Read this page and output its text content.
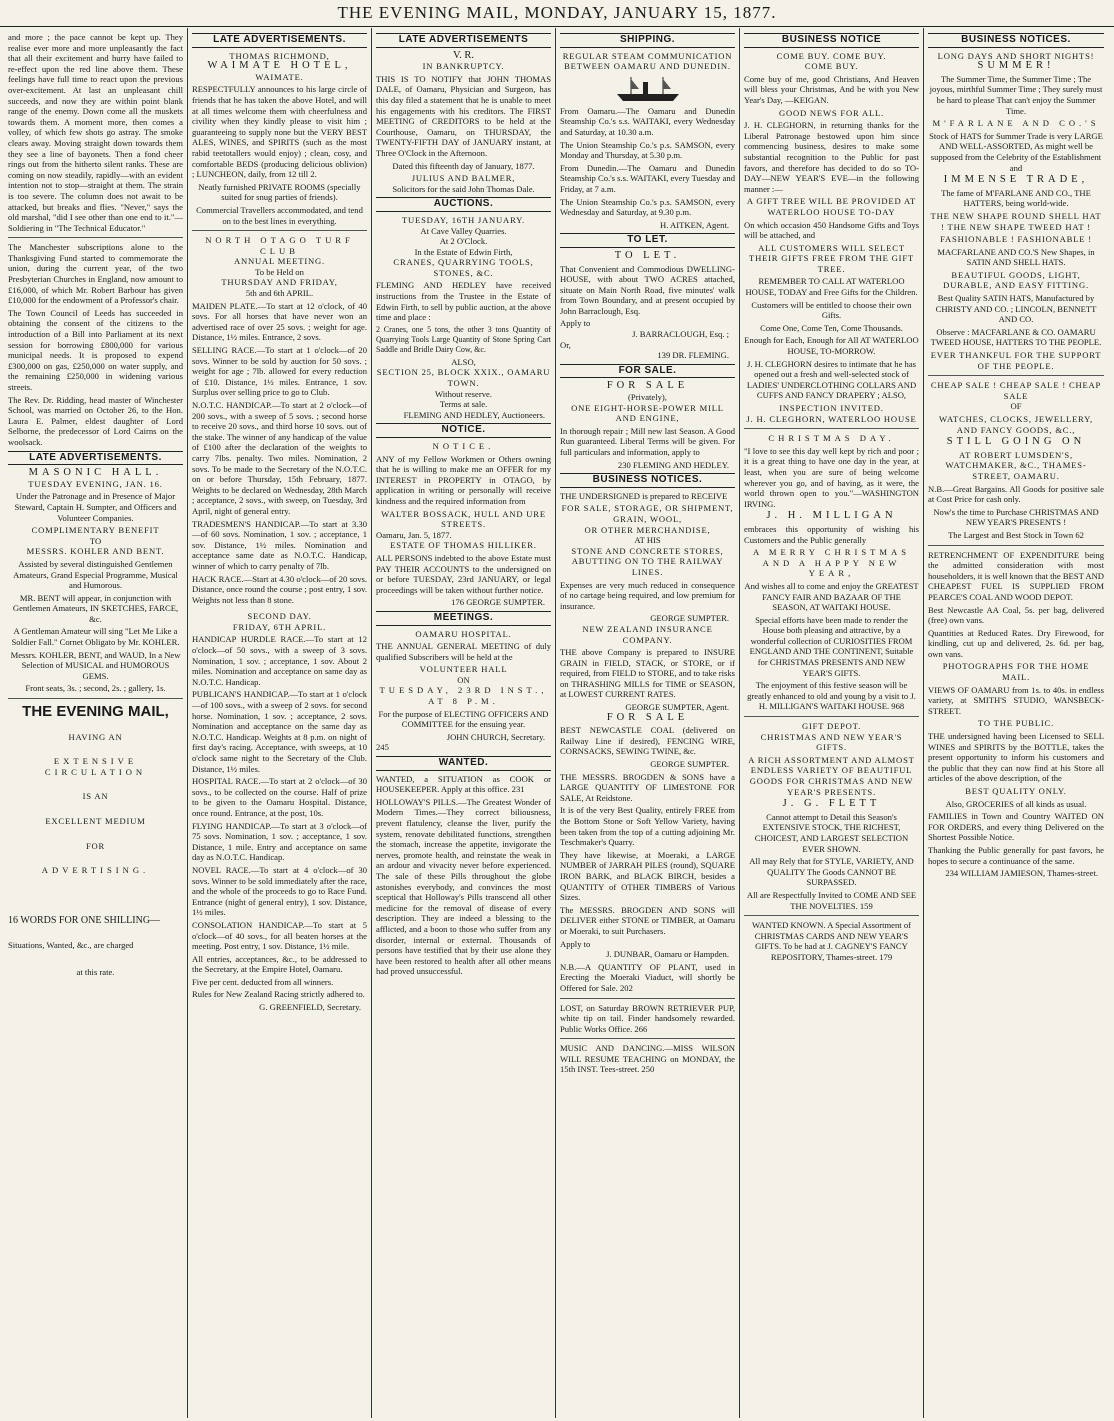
THE EVENING MAIL, MONDAY, JANUARY 15, 1877.

and more ; the pace cannot be kept up. They realise ever more and more unpleasantly the fact that all their excitement and hurry have failed to re-effect upon the red line above them. These feelings have full time to react upon the previous over-excitement. At last an unpleasant chill succeeds, and now they are within point blank range of the enemy. Down come all the muskets towards them. A moment more, then comes a volley, of which few shots go astray. The smoke clears away. Moving straight down towards them they see a line of bayonets. Then a fond cheer rings out from the hitherto silent ranks. These are coming on now steadily, rapidly—with an evident intention not to stop—straight at them. The strain is too severe. The column does not await to be attacked, but breaks and flies. "Never," says the old marshal, "did I see other than one end to it."—Soldiering in "The Technical Educator."

The Manchester subscriptions alone to the Thanksgiving Fund started to commemorate the union, during the current year, of the two Presbyterian Churches in England, now amount to £16,000, of which Mr. Robert Barbour has given £10,000 for the endowment of a Professor's chair.

The Town Council of Leeds has succeeded in obtaining the consent of the citizens to the introduction of a Bill into Parliament at its next session for borrowing £800,000 for various municipal needs. It is proposed to expend £300,000 on gas, £250,000 on water supply, and the remaining £250,000 in widening various streets.

The Rev. Dr. Ridding, head master of Winchester School, was married on October 26, to the Hon. Laura E. Palmer, eldest daughter of Lord Selborne, the predecessor of Lord Cairns on the woolsack.

LATE ADVERTISEMENTS.
MASONIC HALL.
TUESDAY EVENING, JAN. 16.

Under the Patronage and in Presence of Major Steward, Captain H. Sumpter, and Officers and Volunteer Companies.

COMPLIMENTARY BENEFIT
TO
MESSRS. KOHLER AND BENT.

Assisted by several distinguished Gentlemen Amateurs, Grand Especial Programme, Musical and Humorous.

MR. BENT will appear, in conjunction with Gentlemen Amateurs, IN SKETCHES, FARCE, &c.

A Gentleman Amateur will sing "Let Me Like a Soldier Fall." Cornet Obligato by Mr. KOHLER.

Messrs. KOHLER, BENT, and WAUD, In a New Selection of MUSICAL and HUMOROUS GEMS.

Front seats, 3s. ; second, 2s. ; gallery, 1s.

THE EVENING MAIL,
HAVING AN
EXTENSIVE CIRCULATION
IS AN
EXCELLENT MEDIUM
FOR
ADVERTISING.
16 WORDS FOR ONE SHILLING—
Situations, Wanted, &c., are charged
at this rate.
LATE ADVERTISEMENTS.
THOMAS RICHMOND,
WAIMATE HOTEL,
WAIMATE.

RESPECTFULLY announces to his large circle of friends that he has taken the above Hotel, and will at all times welcome them with cheerfulness and civility when they kindly please to visit him ; guaranteeing to supply none but the VERY BEST ALES, WINES, and SPIRITS (such as the most rabid teetotallers would enjoy) ; clean, cosy, and comfortable BEDS (producing delicious oblivion) ; LUNCHEON, daily, from 12 till 2.

Neatly furnished PRIVATE ROOMS (specially suited for snug parties of friends).

Commercial Travellers accommodated, and tend on to the best lines in everything.

NORTH OTAGO TURF CLUB
ANNUAL MEETING.
To be Held on
THURSDAY AND FRIDAY,
5th and 6th APRIL.

MAIDEN PLATE.—To start at 12 o'clock, of 40 sovs. For all horses that have never won an advertised race of over 25 sovs. ; weight for age. Distance, 1½ miles. Entrance, 2 sovs.

SELLING RACE.—To start at 1 o'clock—of 20 sovs. Winner to be sold by auction for 50 sovs. ; weight for age ; 7lb. allowed for every reduction of £10. Distance, 1½ miles. Entrance, 1 sov. Surplus over selling price to go to Club.

N.O.T.C. HANDICAP.—To start at 2 o'clock—of 200 sovs., with a sweep of 5 sovs. ; second horse to receive 20 sovs., and third horse 10 sovs. out of the stake. The winner of any handicap of the value of £100 after the declaration of the weights to carry 7lbs. penalty. Two miles. Nomination, 2 sovs. To be made to the Secretary of the N.O.T.C. on or before Thursday, 15th February, 1877. Weights to be declared on Wednesday, 28th March ; acceptance, 2 sovs., with sweep, on Tuesday, 3rd April, night of general entry.

TRADESMEN'S HANDICAP.—To start at 3.30—of 60 sovs. Nomination, 1 sov. ; acceptance, 1 sov. Distance, 1½ miles. Nomination and acceptance same date as N.O.T.C. Handicap, winner of which to carry penalty of 7lb.

HACK RACE.—Start at 4.30 o'clock—of 20 sovs. Distance, once round the course ; post entry, 1 sov. Weights not less than 8 stone.

SECOND DAY.
FRIDAY, 6TH APRIL.

HANDICAP HURDLE RACE.—To start at 12 o'clock—of 50 sovs., with a sweep of 3 sovs. Nomination, 1 sov. ; acceptance, 1 sov. About 2 miles. Nomination and acceptance on same day as N.O.T.C. Handicap.

PUBLICAN'S HANDICAP.—To start at 1 o'clock —of 100 sovs., with a sweep of 2 sovs. for second horse. Nomination, 1 sov. ; acceptance, 2 sovs. Nomination and acceptance on the same day as N.O.T.C. Handicap. Weights at 8 p.m. on night of first day's racing. Acceptance, with sweeps, at 10 o'clock same night to the Secretary of the Club. Distance, 1½ miles.

HOSPITAL RACE.—To start at 2 o'clock—of 30 sovs., to be collected on the course. Half of prize to be given to the Oamaru Hospital. Distance, once round. Entrance, at the post, 10s.

FLYING HANDICAP.—To start at 3 o'clock—of 75 sovs. Nomination, 1 sov. ; acceptance, 1 sov. Distance, 1 mile. Entry and acceptance on same day as N.O.T.C. Handicap.

NOVEL RACE.—To start at 4 o'clock—of 30 sovs. Winner to be sold immediately after the race, and the whole of the proceeds to go to Race Fund. Entrance (night of general entry), 1 sov. Distance, 1½ miles.

CONSOLATION HANDICAP.—To start at 5 o'clock—of 40 sovs., for all beaten horses at the meeting. Post entry, 1 sov. Distance, 1½ mile.

All entries, acceptances, &c., to be addressed to the Secretary, at the Empire Hotel, Oamaru.

Five per cent. deducted from all winners.

Rules for New Zealand Racing strictly adhered to.

G. GREENFIELD, Secretary.
LATE ADVERTISEMENTS
V. R.
IN BANKRUPTCY.

THIS IS TO NOTIFY that JOHN THOMAS DALE, of Oamaru, Physician and Surgeon, has this day filed a statement that he is unable to meet his engagements with his creditors. The FIRST MEETING of CREDITORS to be held at the Courthouse, Oamaru, on THURSDAY, the TWENTY-FIFTH DAY of JANUARY instant, at Three O'Clock in the Afternoon.

Dated this fifteenth day of January, 1877.

JULIUS AND BALMER,
Solicitors for the said John Thomas Dale.
AUCTIONS.
TUESDAY, 16TH JANUARY.
At Cave Valley Quarries.
At 2 O'Clock.
In the Estate of Edwin Firth,
CRANES, QUARRYING TOOLS, STONES, &C.

FLEMING AND HEDLEY have received instructions from the Trustee in the Estate of Edwin Firth, to sell by public auction, at the above time and place :

2 Cranes, one 5 tons, the other 3 tons Quantity of Quarrying Tools Large Quantity of Stone Spring Cart Saddle and Bridle Dairy Cow, &c.

ALSO,
SECTION 25, BLOCK XXIX., OAMARU TOWN.
Without reserve.
Terms at sale.
FLEMING AND HEDLEY, Auctioneers.
NOTICE.
NOTICE.

ANY of my Fellow Workmen or Others owning that he is willing to make me an OFFER for my INTEREST in PROPERTY in OTAGO, by application in writing or personally will receive kindness and the required information from

WALTER BOSSACK, HULL AND URE STREETS.
Oamaru, Jan. 5, 1877.
ESTATE OF THOMAS HILLIKER.

ALL PERSONS indebted to the above Estate must PAY THEIR ACCOUNTS to the undersigned on or before TUESDAY, 23rd JANUARY, or legal proceedings will be taken without further notice.

176 GEORGE SUMPTER.
MEETINGS.
OAMARU HOSPITAL.

THE ANNUAL GENERAL MEETING of duly qualified Subscribers will be held at the

VOLUNTEER HALL
ON
TUESDAY, 23RD INST., AT 8 P.M.

For the purpose of ELECTING OFFICERS AND COMMITTEE for the ensuing year.

JOHN CHURCH, Secretary.
245
WANTED.

WANTED, a SITUATION as COOK or HOUSEKEEPER. Apply at this office. 231

HOLLOWAY'S PILLS.—The Greatest Wonder of Modern Times.—They correct biliousness, prevent flatulency, cleanse the liver, purify the system, renovate debilitated functions, strengthen the stomach, increase the appetite, invigorate the nerves, promote health, and reinstate the weak in an ardour and vivacity never before experienced. The sale of these Pills throughout the globe astonishes everybody, and convinces the most sceptical that Holloway's Pills transcend all other medicine for the removal of disease of every description. They are indeed a blessing to the afflicted, and a boon to those who suffer from any disorder, internal or external. Thousands of persons have testified that by their use alone they have been restored to health after all other means had proved unsuccessful.

SHIPPING.
REGULAR STEAM COMMUNICATION BETWEEN OAMARU AND DUNEDIN.

From Oamaru.—The Oamaru and Dunedin Steamship Co.'s s.s. WAITAKI, every Wednesday and Saturday, at 10.30 a.m.

The Union Steamship Co.'s p.s. SAMSON, every Monday and Thursday, at 5.30 p.m.

From Dunedin.—The Oamaru and Dunedin Steamship Co.'s s.s. WAITAKI, every Tuesday and Friday, at 7 a.m.

The Union Steamship Co.'s p.s. SAMSON, every Wednesday and Saturday, at 9.30 p.m.

H. AITKEN, Agent.
TO LET.
TO LET.

That Convenient and Commodious DWELLING-HOUSE, with about TWO ACRES attached, situate on Main North Road, five minutes' walk from Town Boundary, and at present occupied by John Barraclough, Esq.

Apply to
J. BARRACLOUGH, Esq. ;
Or,
139 DR. FLEMING.
FOR SALE.
FOR SALE
(Privately),
ONE EIGHT-HORSE-POWER MILL AND ENGINE,

In thorough repair ; Mill new last Season. A Good Run guaranteed. Liberal Terms will be given. For full particulars and information, apply to

230 FLEMING AND HEDLEY.
BUSINESS NOTICES.

THE UNDERSIGNED is prepared to RECEIVE

FOR SALE, STORAGE, OR SHIPMENT, GRAIN, WOOL,
OR OTHER MERCHANDISE,
AT HIS
STONE AND CONCRETE STORES, ABUTTING ON TO THE RAILWAY LINES.

Expenses are very much reduced in consequence of no cartage being required, and low premium for insurance.

GEORGE SUMPTER.
NEW ZEALAND INSURANCE COMPANY.

THE above Company is prepared to INSURE GRAIN in FIELD, STACK, or STORE, or if required, from FIELD to STORE, and to take risks on THRASHING MILLS for TIME or SEASON, at LOWEST CURRENT RATES.

GEORGE SUMPTER, Agent.
FOR SALE

BEST NEWCASTLE COAL (delivered on Railway Line if desired), FENCING WIRE, CORNSACKS, SEWING TWINE, &c.

GEORGE SUMPTER.

THE MESSRS. BROGDEN & SONS have a LARGE QUANTITY OF LIMESTONE FOR SALE, At Reidstone.

It is of the very Best Quality, entirely FREE from the Bottom Stone or Soft Yellow Variety, having been taken from the top of a cutting adjoining Mr. Teschmaker's Quarry.

They have likewise, at Moeraki, a LARGE NUMBER of JARRAH PILES (round), SQUARE IRON BARK, and BLACK BIRCH, besides a QUANTITY of OTHER TIMBERS of Various Sizes.

The MESSRS. BROGDEN AND SONS will DELIVER either STONE or TIMBER, at Oamaru or Moeraki, to suit Purchasers.

Apply to
J. DUNBAR, Oamaru or Hampden.

N.B.—A QUANTITY OF PLANT, used in Erecting the Moeraki Viaduct, will shortly be Offered for Sale. 202

LOST, on Saturday BROWN RETRIEVER PUP, white tip on tail. Finder handsomely rewarded. Public Works Office. 266

MUSIC AND DANCING.—MISS WILSON WILL RESUME TEACHING on MONDAY, the 15th INST. Tees-street. 250

BUSINESS NOTICE
COME BUY. COME BUY.
COME BUY.

Come buy of me, good Christians, And Heaven will bless your Christmas, And be with you New Year's Day, —KEIGAN.

GOOD NEWS FOR ALL.

J. H. CLEGHORN, in returning thanks for the Liberal Patronage bestowed upon him since commencing business, desires to make some substantial recognition to the Public for past favors, and therefore has decided to do so TO-DAY—NEW YEAR'S EVE—in the following manner :—

A GIFT TREE WILL BE PROVIDED AT WATERLOO HOUSE TO-DAY

On which occasion 450 Handsome Gifts and Toys will be attached, and

ALL CUSTOMERS WILL SELECT THEIR GIFTS FREE FROM THE GIFT TREE.

REMEMBER TO CALL AT WATERLOO HOUSE, TODAY and Free Gifts for the Children.

Customers will be entitled to choose their own Gifts.

Come One, Come Ten, Come Thousands.

Enough for Each, Enough for All AT WATERLOO HOUSE, TO-MORROW.

J. H. CLEGHORN desires to intimate that he has opened out a fresh and well-selected stock of LADIES' UNDERCLOTHING COLLARS AND CUFFS AND FANCY DRAPERY ; ALSO,

INSPECTION INVITED.
J. H. CLEGHORN, WATERLOO HOUSE
CHRISTMAS DAY.

"I love to see this day well kept by rich and poor ; it is a great thing to have one day in the year, at least, when you are sure of being welcome wherever you go, and of having, as it were, the world thrown open to you."—WASHINGTON IRVING.

J. H. MILLIGAN

embraces this opportunity of wishing his Customers and the Public generally

A MERRY CHRISTMAS AND A HAPPY NEW YEAR,

And wishes all to come and enjoy the GREATEST FANCY FAIR AND BAZAAR OF THE SEASON, AT WAITAKI HOUSE.

Special efforts have been made to render the House both pleasing and attractive, by a wonderful collection of CURIOSITIES FROM ENGLAND AND THE CONTINENT, Suitable for CHRISTMAS PRESENTS AND NEW YEAR'S GIFTS.

The enjoyment of this festive season will be greatly enhanced to old and young by a visit to J. H. MILLIGAN'S WAITAKI HOUSE. 968

GIFT DEPOT.
CHRISTMAS AND NEW YEAR'S GIFTS.

A RICH ASSORTMENT AND ALMOST ENDLESS VARIETY OF BEAUTIFUL GOODS FOR CHRISTMAS AND NEW YEAR'S PRESENTS.

J. G. FLETT

Cannot attempt to Detail this Season's EXTENSIVE STOCK, THE RICHEST, CHOICEST, AND LARGEST SELECTION EVER SHOWN.

All may Rely that for STYLE, VARIETY, AND QUALITY The Goods CANNOT BE SURPASSED.

All are Respectfully Invited to COME AND SEE THE NOVELTIES. 159

WANTED KNOWN. A Special Assortment of CHRISTMAS CARDS AND NEW YEAR'S GIFTS. To be had at J. CAGNEY'S FANCY REPOSITORY, Thames-street. 179

BUSINESS NOTICES.
LONG DAYS AND SHORT NIGHTS!
SUMMER!

The Summer Time, the Summer Time ; The joyous, mirthful Summer Time ; They surely must be hard to please That can't enjoy the Summer Time.

M'FARLANE AND CO.'S

Stock of HATS for Summer Trade is very LARGE AND WELL-ASSORTED, As might well be supposed from the Celebrity of the Establishment and

IMMENSE TRADE,

The fame of M'FARLANE AND CO., THE HATTERS, being world-wide.

THE NEW SHAPE ROUND SHELL HAT ! THE NEW SHAPE TWEED HAT !

FASHIONABLE ! FASHIONABLE !

MACFARLANE AND CO.'S New Shapes, in SATIN AND SHELL HATS.

BEAUTIFUL GOODS, LIGHT, DURABLE, AND EASY FITTING.

Best Quality SATIN HATS, Manufactured by CHRISTY AND CO. ; LINCOLN, BENNETT AND CO.

Observe : MACFARLANE & CO. OAMARU TWEED HOUSE, HATTERS TO THE PEOPLE.

EVER THANKFUL FOR THE SUPPORT OF THE PEOPLE.
CHEAP SALE ! CHEAP SALE ! CHEAP SALE
OF

WATCHES, CLOCKS, JEWELLERY, AND FANCY GOODS, &C.,

STILL GOING ON

AT ROBERT LUMSDEN'S, WATCHMAKER, &C., THAMES-STREET, OAMARU.

N.B.—Great Bargains. All Goods for positive sale at Cost Price for cash only.

Now's the time to Purchase CHRISTMAS AND NEW YEAR'S PRESENTS !

The Largest and Best Stock in Town 62

RETRENCHMENT OF EXPENDITURE being the admitted consideration with most householders, it is well known that the BEST AND CHEAPEST FUEL IS SUPPLIED FROM PEARCE'S COAL AND WOOD DEPOT.

Best Newcastle AA Coal, 5s. per bag, delivered (free) own vans.

Quantities at Reduced Rates. Dry Firewood, for kindling, cut up and delivered, 2s. 6d. per bag, own vans.

PHOTOGRAPHS FOR THE HOME MAIL.

VIEWS OF OAMARU from 1s. to 40s. in endless variety, at SMITH'S STUDIO, WANSBECK-STREET.

TO THE PUBLIC.

THE undersigned having been Licensed to SELL WINES and SPIRITS by the BOTTLE, takes the present opportunity to inform his customers and the public that they can now find at his Store all articles of the above description, of the

BEST QUALITY ONLY.

Also, GROCERIES of all kinds as usual.

FAMILIES in Town and Country WAITED ON FOR ORDERS, and every thing Delivered on the Shortest Possible Notice.

Thanking the Public generally for past favors, he hopes to secure a continuance of the same.

234 WILLIAM JAMIESON, Thames-street.
